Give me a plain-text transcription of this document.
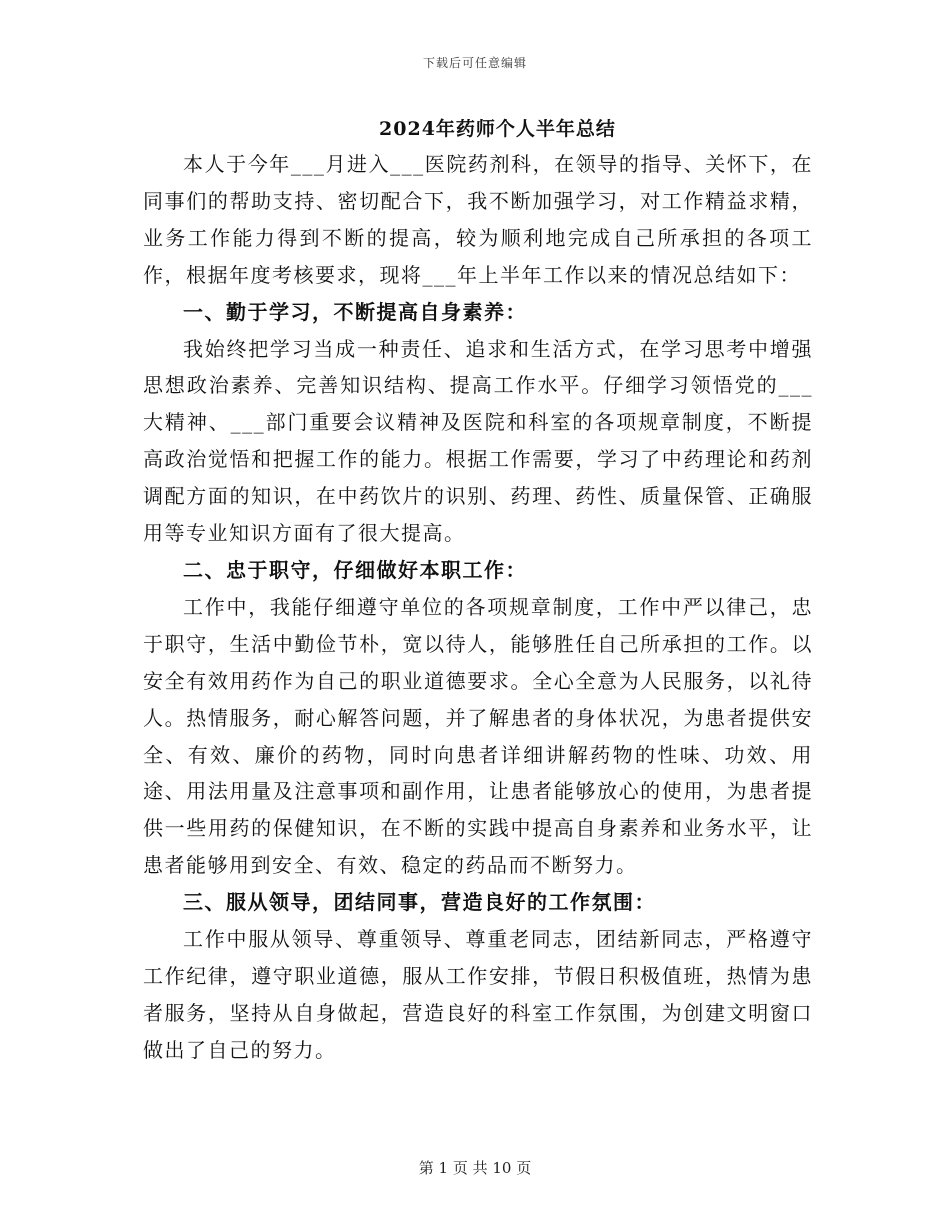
下载后可任意编辑
2024年药师个人半年总结

本人于今年___月进入___医院药剂科，在领导的指导、关怀下，在同事们的帮助支持、密切配合下，我不断加强学习，对工作精益求精，业务工作能力得到不断的提高，较为顺利地完成自己所承担的各项工作，根据年度考核要求，现将___年上半年工作以来的情况总结如下：

一、勤于学习，不断提高自身素养：

我始终把学习当成一种责任、追求和生活方式，在学习思考中增强思想政治素养、完善知识结构、提高工作水平。仔细学习领悟党的___大精神、___部门重要会议精神及医院和科室的各项规章制度，不断提高政治觉悟和把握工作的能力。根据工作需要，学习了中药理论和药剂调配方面的知识，在中药饮片的识别、药理、药性、质量保管、正确服用等专业知识方面有了很大提高。

二、忠于职守，仔细做好本职工作：

工作中，我能仔细遵守单位的各项规章制度，工作中严以律己，忠于职守，生活中勤俭节朴，宽以待人，能够胜任自己所承担的工作。以安全有效用药作为自己的职业道德要求。全心全意为人民服务，以礼待人。热情服务，耐心解答问题，并了解患者的身体状况，为患者提供安全、有效、廉价的药物，同时向患者详细讲解药物的性味、功效、用途、用法用量及注意事项和副作用，让患者能够放心的使用，为患者提供一些用药的保健知识，在不断的实践中提高自身素养和业务水平，让患者能够用到安全、有效、稳定的药品而不断努力。

三、服从领导，团结同事，营造良好的工作氛围：

工作中服从领导、尊重领导、尊重老同志，团结新同志，严格遵守工作纪律，遵守职业道德，服从工作安排，节假日积极值班，热情为患者服务，坚持从自身做起，营造良好的科室工作氛围，为创建文明窗口做出了自己的努力。

第 1 页 共 10 页
